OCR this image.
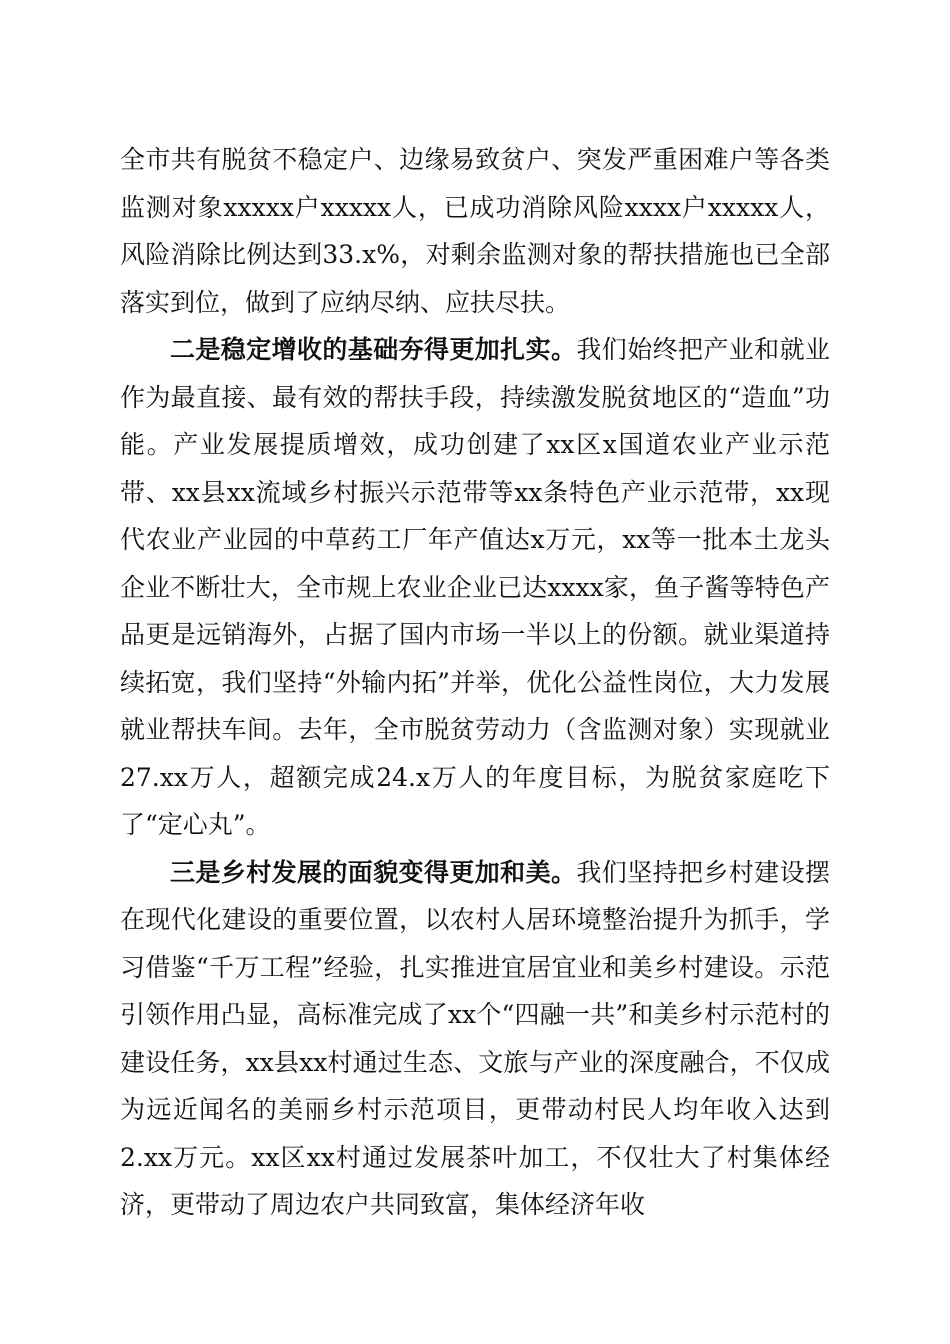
全市共有脱贫不稳定户、边缘易致贫户、突发严重困难户等各类监测对象xxxxx户xxxxx人，已成功消除风险xxxx户xxxxx人，风险消除比例达到33.x%，对剩余监测对象的帮扶措施也已全部落实到位，做到了应纳尽纳、应扶尽扶。

二是稳定增收的基础夯得更加扎实。我们始终把产业和就业作为最直接、最有效的帮扶手段，持续激发脱贫地区的“造血”功能。产业发展提质增效，成功创建了xx区x国道农业产业示范带、xx县xx流域乡村振兴示范带等xx条特色产业示范带，xx现代农业产业园的中草药工厂年产值达x万元，xx等一批本土龙头企业不断壮大，全市规上农业企业已达xxxx家，鱼子酱等特色产品更是远销海外，占据了国内市场一半以上的份额。就业渠道持续拓宽，我们坚持“外输内拓”并举，优化公益性岗位，大力发展就业帮扶车间。去年，全市脱贫劳动力（含监测对象）实现就业27.xx万人，超额完成24.x万人的年度目标，为脱贫家庭吃下了“定心丸”。

三是乡村发展的面貌变得更加和美。我们坚持把乡村建设摆在现代化建设的重要位置，以农村人居环境整治提升为抓手，学习借鉴“千万工程”经验，扎实推进宜居宜业和美乡村建设。示范引领作用凸显，高标准完成了xx个“四融一共”和美乡村示范村的建设任务，xx县xx村通过生态、文旅与产业的深度融合，不仅成为远近闻名的美丽乡村示范项目，更带动村民人均年收入达到2.xx万元。xx区xx村通过发展茶叶加工，不仅壮大了村集体经济，更带动了周边农户共同致富，集体经济年收
